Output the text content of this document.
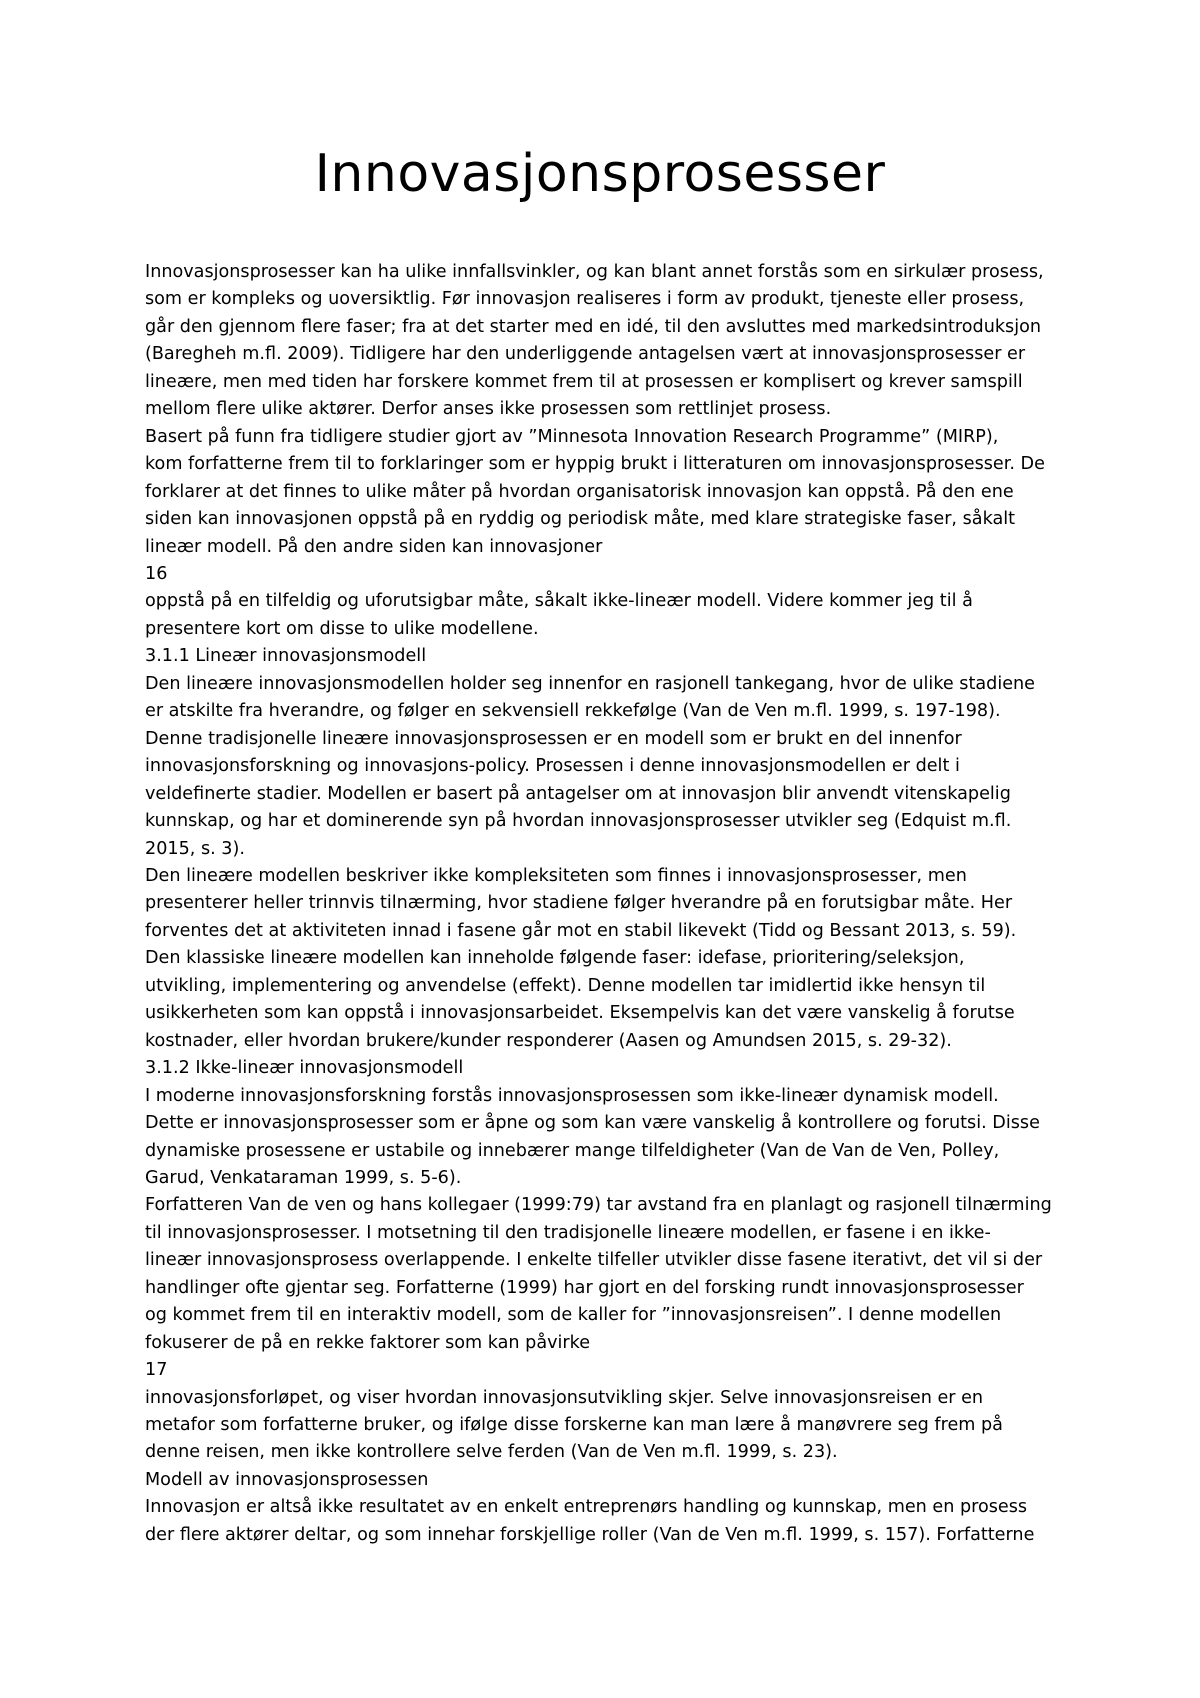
Innovasjonsprosesser

Innovasjonsprosesser kan ha ulike innfallsvinkler, og kan blant annet forstås som en sirkulær prosess,

som er kompleks og uoversiktlig. Før innovasjon realiseres i form av produkt, tjeneste eller prosess,

går den gjennom flere faser; fra at det starter med en idé, til den avsluttes med markedsintroduksjon

(Baregheh m.fl. 2009). Tidligere har den underliggende antagelsen vært at innovasjonsprosesser er

lineære, men med tiden har forskere kommet frem til at prosessen er komplisert og krever samspill

mellom flere ulike aktører. Derfor anses ikke prosessen som rettlinjet prosess.

Basert på funn fra tidligere studier gjort av ”Minnesota Innovation Research Programme” (MIRP),

kom forfatterne frem til to forklaringer som er hyppig brukt i litteraturen om innovasjonsprosesser. De

forklarer at det finnes to ulike måter på hvordan organisatorisk innovasjon kan oppstå. På den ene

siden kan innovasjonen oppstå på en ryddig og periodisk måte, med klare strategiske faser, såkalt

lineær modell. På den andre siden kan innovasjoner

16

oppstå på en tilfeldig og uforutsigbar måte, såkalt ikke-lineær modell. Videre kommer jeg til å

presentere kort om disse to ulike modellene.

3.1.1 Lineær innovasjonsmodell

Den lineære innovasjonsmodellen holder seg innenfor en rasjonell tankegang, hvor de ulike stadiene

er atskilte fra hverandre, og følger en sekvensiell rekkefølge (Van de Ven m.fl. 1999, s. 197-198).

Denne tradisjonelle lineære innovasjonsprosessen er en modell som er brukt en del innenfor

innovasjonsforskning og innovasjons-policy. Prosessen i denne innovasjonsmodellen er delt i

veldefinerte stadier. Modellen er basert på antagelser om at innovasjon blir anvendt vitenskapelig

kunnskap, og har et dominerende syn på hvordan innovasjonsprosesser utvikler seg (Edquist m.fl.

2015, s. 3).

Den lineære modellen beskriver ikke kompleksiteten som finnes i innovasjonsprosesser, men

presenterer heller trinnvis tilnærming, hvor stadiene følger hverandre på en forutsigbar måte. Her

forventes det at aktiviteten innad i fasene går mot en stabil likevekt (Tidd og Bessant 2013, s. 59).

Den klassiske lineære modellen kan inneholde følgende faser: idefase, prioritering/seleksjon,

utvikling, implementering og anvendelse (effekt). Denne modellen tar imidlertid ikke hensyn til

usikkerheten som kan oppstå i innovasjonsarbeidet. Eksempelvis kan det være vanskelig å forutse

kostnader, eller hvordan brukere/kunder responderer (Aasen og Amundsen 2015, s. 29-32).

3.1.2 Ikke-lineær innovasjonsmodell

I moderne innovasjonsforskning forstås innovasjonsprosessen som ikke-lineær dynamisk modell.

Dette er innovasjonsprosesser som er åpne og som kan være vanskelig å kontrollere og forutsi. Disse

dynamiske prosessene er ustabile og innebærer mange tilfeldigheter (Van de Van de Ven, Polley,

Garud, Venkataraman 1999, s. 5-6).

Forfatteren Van de ven og hans kollegaer (1999:79) tar avstand fra en planlagt og rasjonell tilnærming

til innovasjonsprosesser. I motsetning til den tradisjonelle lineære modellen, er fasene i en ikke-

lineær innovasjonsprosess overlappende. I enkelte tilfeller utvikler disse fasene iterativt, det vil si der

handlinger ofte gjentar seg. Forfatterne (1999) har gjort en del forsking rundt innovasjonsprosesser

og kommet frem til en interaktiv modell, som de kaller for ”innovasjonsreisen”. I denne modellen

fokuserer de på en rekke faktorer som kan påvirke

17

innovasjonsforløpet, og viser hvordan innovasjonsutvikling skjer. Selve innovasjonsreisen er en

metafor som forfatterne bruker, og ifølge disse forskerne kan man lære å manøvrere seg frem på

denne reisen, men ikke kontrollere selve ferden (Van de Ven m.fl. 1999, s. 23).

Modell av innovasjonsprosessen

Innovasjon er altså ikke resultatet av en enkelt entreprenørs handling og kunnskap, men en prosess

der flere aktører deltar, og som innehar forskjellige roller (Van de Ven m.fl. 1999, s. 157). Forfatterne
